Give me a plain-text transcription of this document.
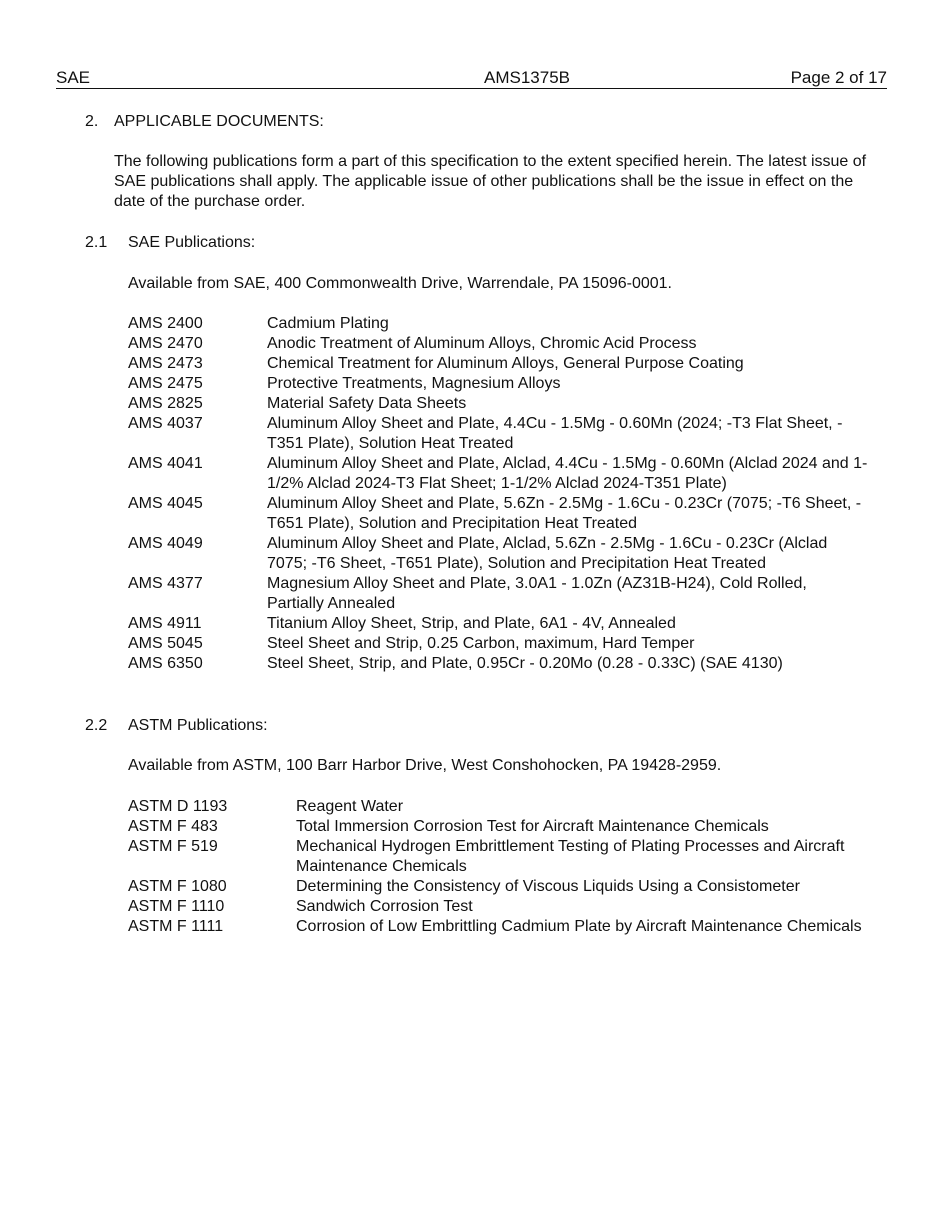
SAE	AMS1375B	Page 2 of 17
2. APPLICABLE DOCUMENTS:
The following publications form a part of this specification to the extent specified herein. The latest issue of SAE publications shall apply. The applicable issue of other publications shall be the issue in effect on the date of the purchase order.
2.1 SAE Publications:
Available from SAE, 400 Commonwealth Drive, Warrendale, PA 15096-0001.
AMS 2400	Cadmium Plating
AMS 2470	Anodic Treatment of Aluminum Alloys, Chromic Acid Process
AMS 2473	Chemical Treatment for Aluminum Alloys, General Purpose Coating
AMS 2475	Protective Treatments, Magnesium Alloys
AMS 2825	Material Safety Data Sheets
AMS 4037	Aluminum Alloy Sheet and Plate, 4.4Cu - 1.5Mg - 0.60Mn (2024; -T3 Flat Sheet, -T351 Plate), Solution Heat Treated
AMS 4041	Aluminum Alloy Sheet and Plate, Alclad, 4.4Cu - 1.5Mg - 0.60Mn (Alclad 2024 and 1-1/2% Alclad 2024-T3 Flat Sheet; 1-1/2% Alclad 2024-T351 Plate)
AMS 4045	Aluminum Alloy Sheet and Plate, 5.6Zn - 2.5Mg - 1.6Cu - 0.23Cr (7075; -T6 Sheet, -T651 Plate), Solution and Precipitation Heat Treated
AMS 4049	Aluminum Alloy Sheet and Plate, Alclad, 5.6Zn - 2.5Mg - 1.6Cu - 0.23Cr (Alclad 7075; -T6 Sheet, -T651 Plate), Solution and Precipitation Heat Treated
AMS 4377	Magnesium Alloy Sheet and Plate, 3.0A1 - 1.0Zn (AZ31B-H24), Cold Rolled, Partially Annealed
AMS 4911	Titanium Alloy Sheet, Strip, and Plate, 6A1 - 4V, Annealed
AMS 5045	Steel Sheet and Strip, 0.25 Carbon, maximum, Hard Temper
AMS 6350	Steel Sheet, Strip, and Plate, 0.95Cr - 0.20Mo (0.28 - 0.33C) (SAE 4130)
2.2 ASTM Publications:
Available from ASTM, 100 Barr Harbor Drive, West Conshohocken, PA 19428-2959.
ASTM D 1193	Reagent Water
ASTM F 483	Total Immersion Corrosion Test for Aircraft Maintenance Chemicals
ASTM F 519	Mechanical Hydrogen Embrittlement Testing of Plating Processes and Aircraft Maintenance Chemicals
ASTM F 1080	Determining the Consistency of Viscous Liquids Using a Consistometer
ASTM F 1110	Sandwich Corrosion Test
ASTM F 1111	Corrosion of Low Embrittling Cadmium Plate by Aircraft Maintenance Chemicals
